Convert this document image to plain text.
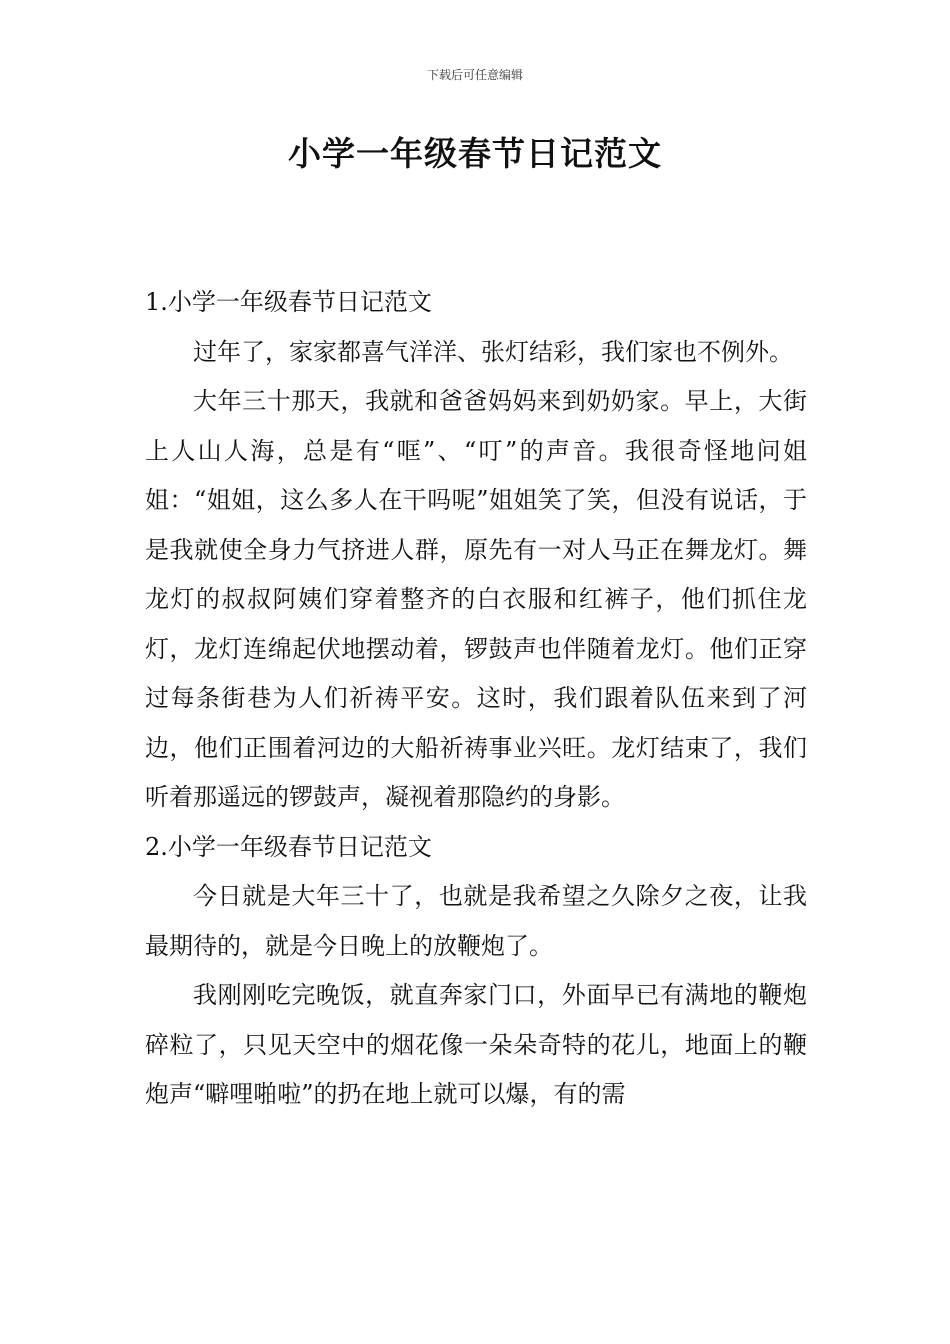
下载后可任意编辑
小学一年级春节日记范文

1.小学一年级春节日记范文

过年了，家家都喜气洋洋、张灯结彩，我们家也不例外。

大年三十那天，我就和爸爸妈妈来到奶奶家。早上，大街上人山人海，总是有“哐”、“叮”的声音。我很奇怪地问姐姐：“姐姐，这么多人在干吗呢”姐姐笑了笑，但没有说话，于是我就使全身力气挤进人群，原先有一对人马正在舞龙灯。舞龙灯的叔叔阿姨们穿着整齐的白衣服和红裤子，他们抓住龙灯，龙灯连绵起伏地摆动着，锣鼓声也伴随着龙灯。他们正穿过每条街巷为人们祈祷平安。这时，我们跟着队伍来到了河边，他们正围着河边的大船祈祷事业兴旺。龙灯结束了，我们听着那遥远的锣鼓声，凝视着那隐约的身影。

2.小学一年级春节日记范文

今日就是大年三十了，也就是我希望之久除夕之夜，让我最期待的，就是今日晚上的放鞭炮了。

我刚刚吃完晚饭，就直奔家门口，外面早已有满地的鞭炮碎粒了，只见天空中的烟花像一朵朵奇特的花儿，地面上的鞭炮声“噼哩啪啦”的扔在地上就可以爆，有的需
